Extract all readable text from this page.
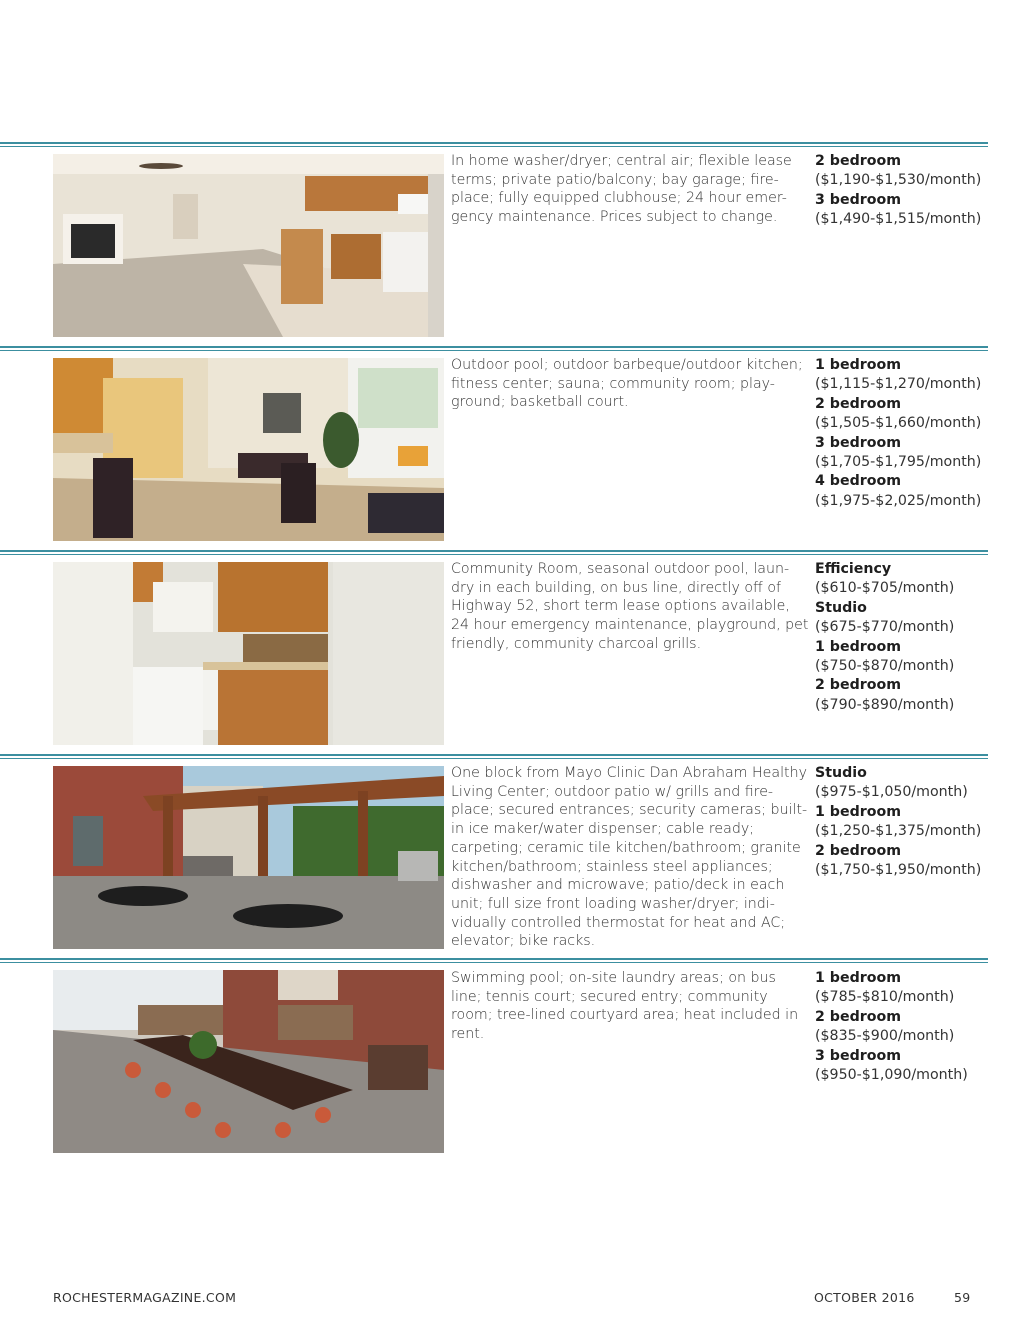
In home washer/dryer; central air; flexible lease terms; private patio/balcony; bay garage; fire-place; fully equipped clubhouse; 24 hour emer-gency maintenance. Prices subject to change.
2 bedroom
($1,190-$1,530/month)
3 bedroom
($1,490-$1,515/month)
Outdoor pool; outdoor barbeque/outdoor kitchen; fitness center; sauna; community room; play-ground; basketball court.
1 bedroom
($1,115-$1,270/month)
2 bedroom
($1,505-$1,660/month)
3 bedroom
($1,705-$1,795/month)
4 bedroom
($1,975-$2,025/month)
Community Room, seasonal outdoor pool, laun-dry in each building, on bus line, directly off of Highway 52, short term lease options available, 24 hour emergency maintenance, playground, pet friendly, community charcoal grills.
Efficiency
($610-$705/month)
Studio
($675-$770/month)
1 bedroom
($750-$870/month)
2 bedroom
($790-$890/month)
One block from Mayo Clinic Dan Abraham Healthy Living Center; outdoor patio w/ grills and fire-place; secured entrances; security cameras; built-in ice maker/water dispenser; cable ready; carpeting; ceramic tile kitchen/bathroom; granite kitchen/bathroom; stainless steel appliances; dishwasher and microwave; patio/deck in each unit; full size front loading washer/dryer; indi-vidually controlled thermostat for heat and AC; elevator; bike racks.
Studio
($975-$1,050/month)
1 bedroom
($1,250-$1,375/month)
2 bedroom
($1,750-$1,950/month)
Swimming pool; on-site laundry areas; on bus line; tennis court; secured entry; community room; tree-lined courtyard area; heat included in rent.
1 bedroom
($785-$810/month)
2 bedroom
($835-$900/month)
3 bedroom
($950-$1,090/month)
ROCHESTERMAGAZINE.COM	OCTOBER 2016	59
